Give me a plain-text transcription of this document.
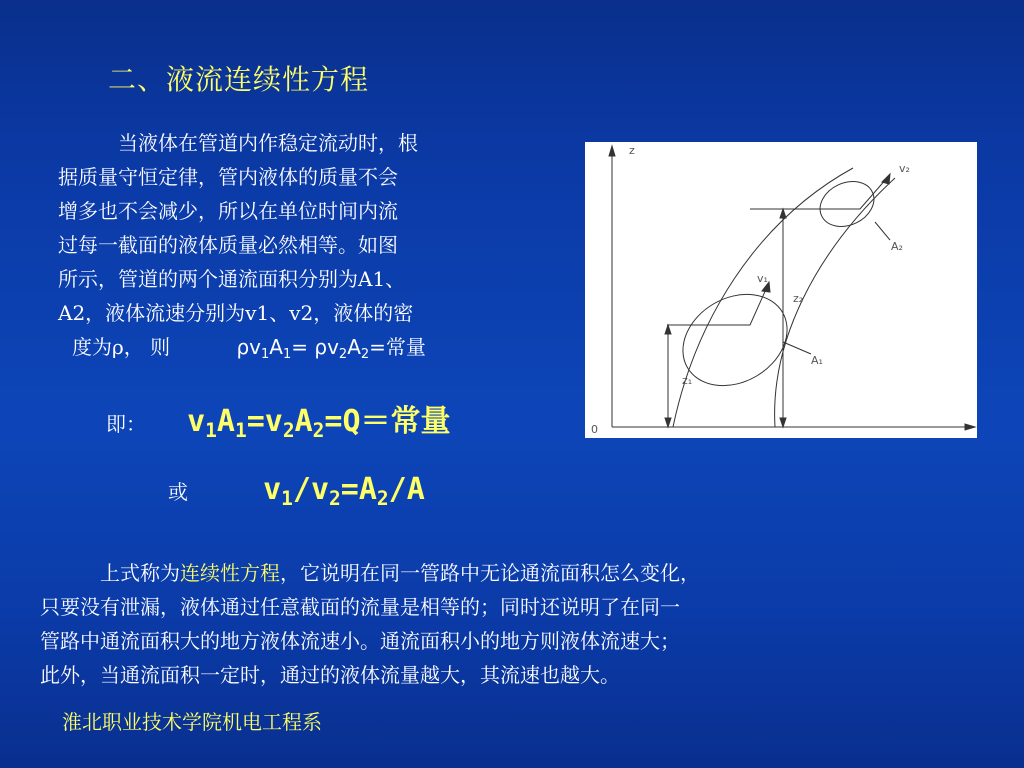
二、液流连续性方程
当液体在管道内作稳定流动时，根
据质量守恒定律，管内液体的质量不会
增多也不会减少，所以在单位时间内流
过每一截面的液体质量必然相等。如图
所示，管道的两个通流面积分别为A1、
A2，液体流速分别为v1、v2，液体的密
度为ρ， 则	$\rho v_1A_1= \rho v_2A_2=$常量
即： $v_1A_1=v_2A_2=Q=$常量
或	$v_1/v_2=A_2/A$
上式称为连续性方程，它说明在同一管路中无论通流面积怎么变化，
只要没有泄漏，液体通过任意截面的流量是相等的；同时还说明了在同一
管路中通流面积大的地方液体流速小。通流面积小的地方则液体流速大；
此外，当通流面积一定时，通过的液体流量越大，其流速也越大。
z
v₂
A₂
v₁
z₂
A₁
z₁
0
淮北职业技术学院机电工程系
